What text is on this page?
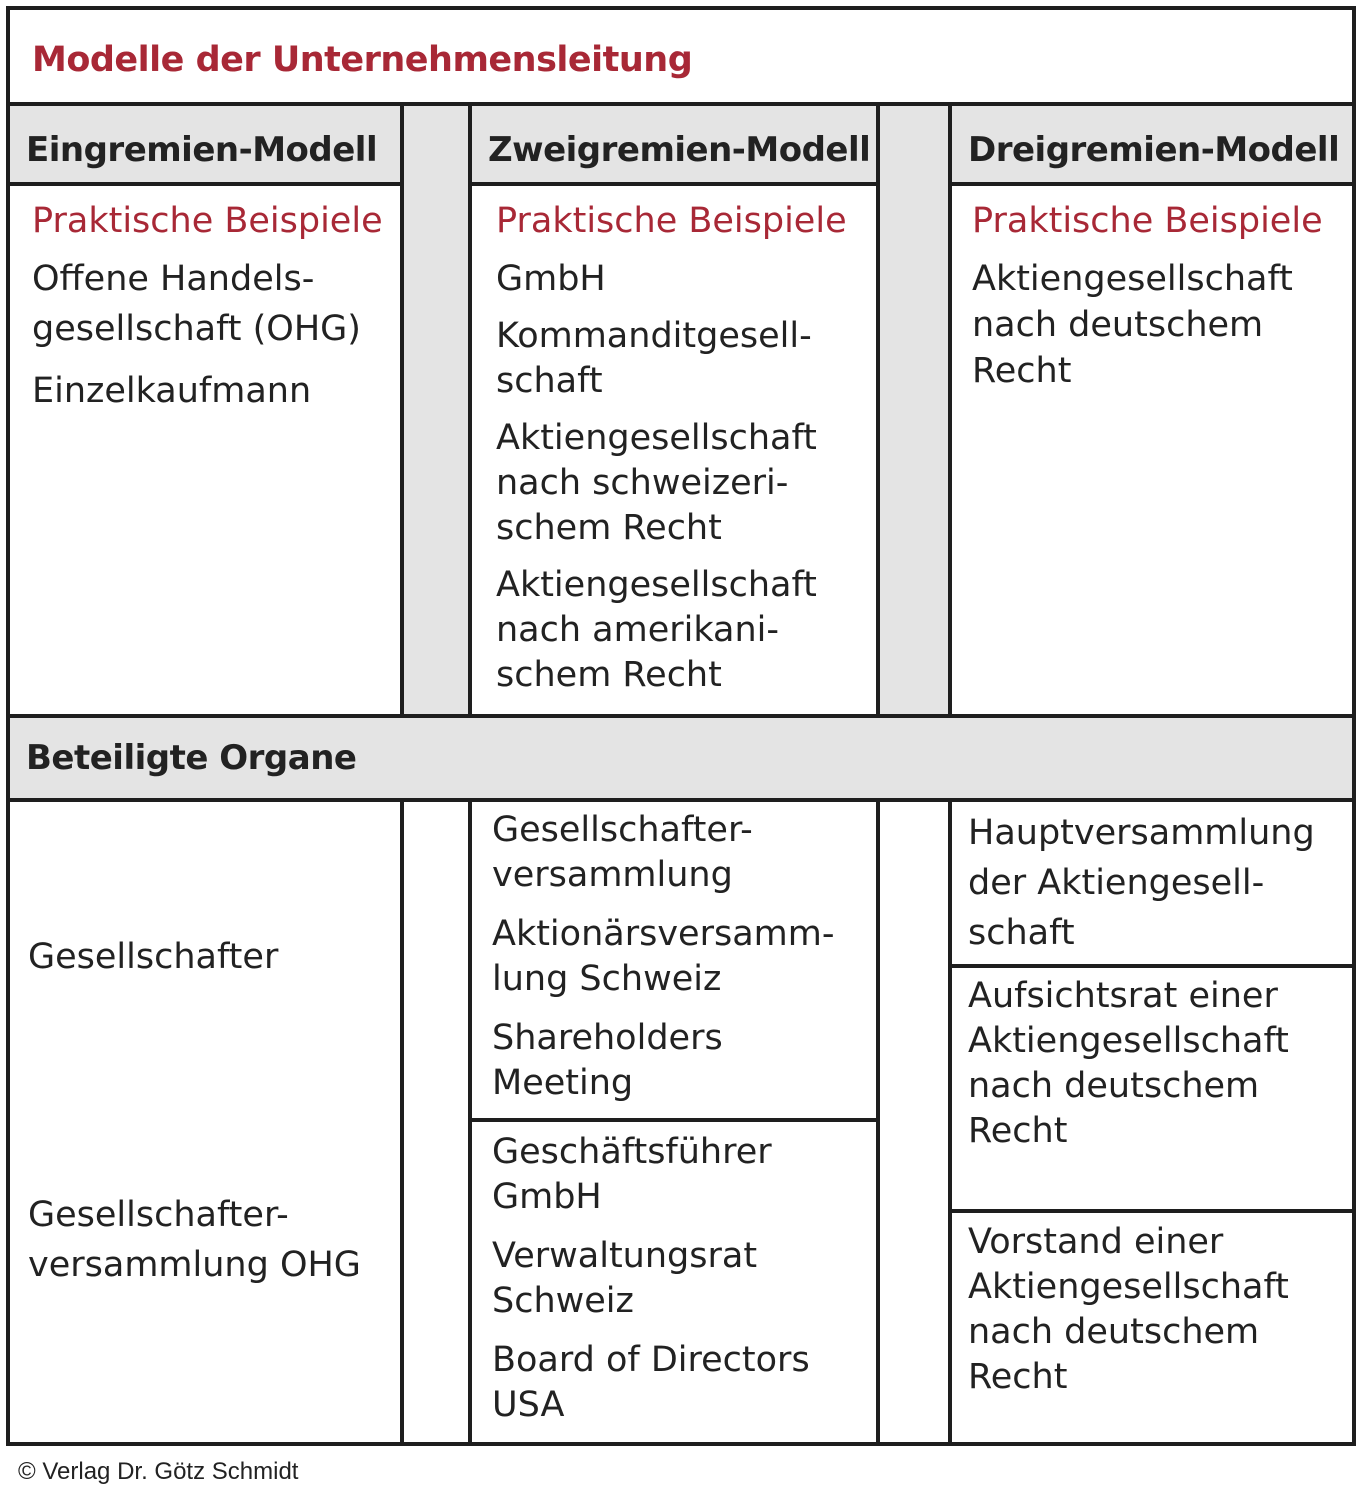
Modelle der Unternehmensleitung
Eingremien-Modell	Zweigremien-Modell	Dreigremien-Modell
Praktische Beispiele
Offene Handels-
gesellschaft (OHG)
Einzelkaufmann
Praktische Beispiele
GmbH
Kommanditgesell-
schaft
Aktiengesellschaft
nach schweizeri-
schem Recht
Aktiengesellschaft
nach amerikani-
schem Recht
Praktische Beispiele
Aktiengesellschaft
nach deutschem
Recht
Beteiligte Organe
Gesellschafter
Gesellschafter-
versammlung OHG
Gesellschafter-
versammlung
Aktionärsversamm-
lung Schweiz
Shareholders
Meeting
Geschäftsführer
GmbH
Verwaltungsrat
Schweiz
Board of Directors
USA
Hauptversammlung
der Aktiengesell-
schaft
Aufsichtsrat einer
Aktiengesellschaft
nach deutschem
Recht
Vorstand einer
Aktiengesellschaft
nach deutschem
Recht
© Verlag Dr. Götz Schmidt
